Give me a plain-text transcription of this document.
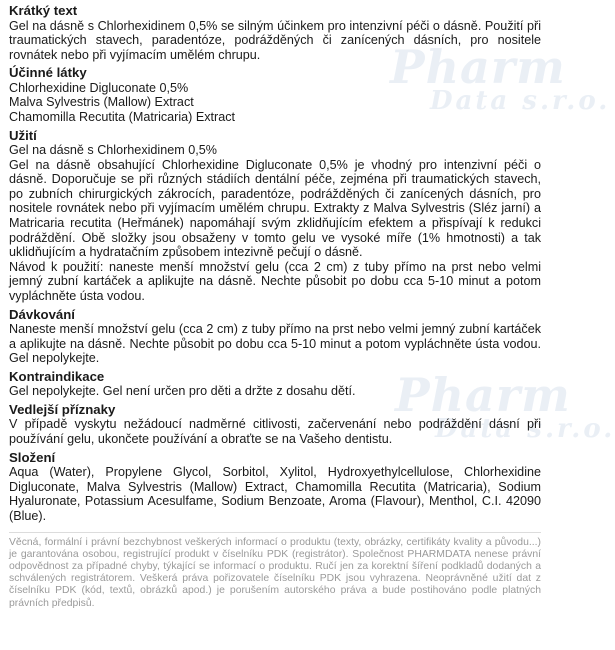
Pharm
Data s.r.o.
Pharm
Data s.r.o.
Krátký text

Gel na dásně s Chlorhexidinem 0,5% se silným účinkem pro intenzivní péči o dásně. Použití při traumatických stavech, paradentóze, podrážděných či zanícených dásních, pro nositele rovnátek nebo při vyjímacím umělém chrupu.

Účinné látky

Chlorhexidine Digluconate 0,5%

Malva Sylvestris (Mallow) Extract

Chamomilla Recutita (Matricaria) Extract

Užití

Gel na dásně s Chlorhexidinem 0,5%

Gel na dásně obsahující Chlorhexidine Digluconate 0,5% je vhodný pro intenzivní péči o dásně. Doporučuje se při různých stádiích dentální péče, zejména při traumatických stavech, po zubních chirurgických zákrocích, paradentóze, podrážděných či zanícených dásních, pro nositele rovnátek nebo při vyjímacím umělém chrupu. Extrakty z Malva Sylvestris (Sléz jarní) a Matricaria recutita (Heřmánek) napomáhají svým zklidňujícím efektem a přispívají k redukci podráždění. Obě složky jsou obsaženy v tomto gelu ve vysoké míře (1% hmotnosti) a tak uklidňujícím a hydratačním způsobem intezivně pečují o dásně.

Návod k použití: naneste menší množství gelu (cca 2 cm) z tuby přímo na prst nebo velmi jemný zubní kartáček a aplikujte na dásně. Nechte působit po dobu cca 5-10 minut a potom vypláchněte ústa vodou.

Dávkování

Naneste menší množství gelu (cca 2 cm) z tuby přímo na prst nebo velmi jemný zubní kartáček a aplikujte na dásně. Nechte působit po dobu cca 5-10 minut a potom vypláchněte ústa vodou. Gel nepolykejte.

Kontraindikace

Gel nepolykejte. Gel není určen pro děti a držte z dosahu dětí.

Vedlejší příznaky

V případě vyskytu nežádoucí nadměrné citlivosti, začervenání nebo podráždění dásní při používání gelu, ukončete používání a obraťte se na Vašeho dentistu.

Složení

Aqua (Water), Propylene Glycol, Sorbitol, Xylitol, Hydroxyethylcellulose, Chlorhexidine Digluconate, Malva Sylvestris (Mallow) Extract, Chamomilla Recutita (Matricaria), Sodium Hyaluronate, Potassium Acesulfame, Sodium Benzoate, Aroma (Flavour), Menthol, C.I. 42090 (Blue).

Věcná, formální i právní bezchybnost veškerých informací o produktu (texty, obrázky, certifikáty kvality a původu...) je garantována osobou, registrující produkt v číselníku PDK (registrátor). Společnost PHARMDATA nenese právní odpovědnost za případné chyby, týkající se informací o produktu. Ručí jen za korektní šíření podkladů dodaných a schválených registrátorem. Veškerá práva pořizovatele číselníku PDK jsou vyhrazena. Neoprávněné užití dat z číselníku PDK (kód, textů, obrázků apod.) je porušením autorského práva a bude postihováno podle platných právních předpisů.
